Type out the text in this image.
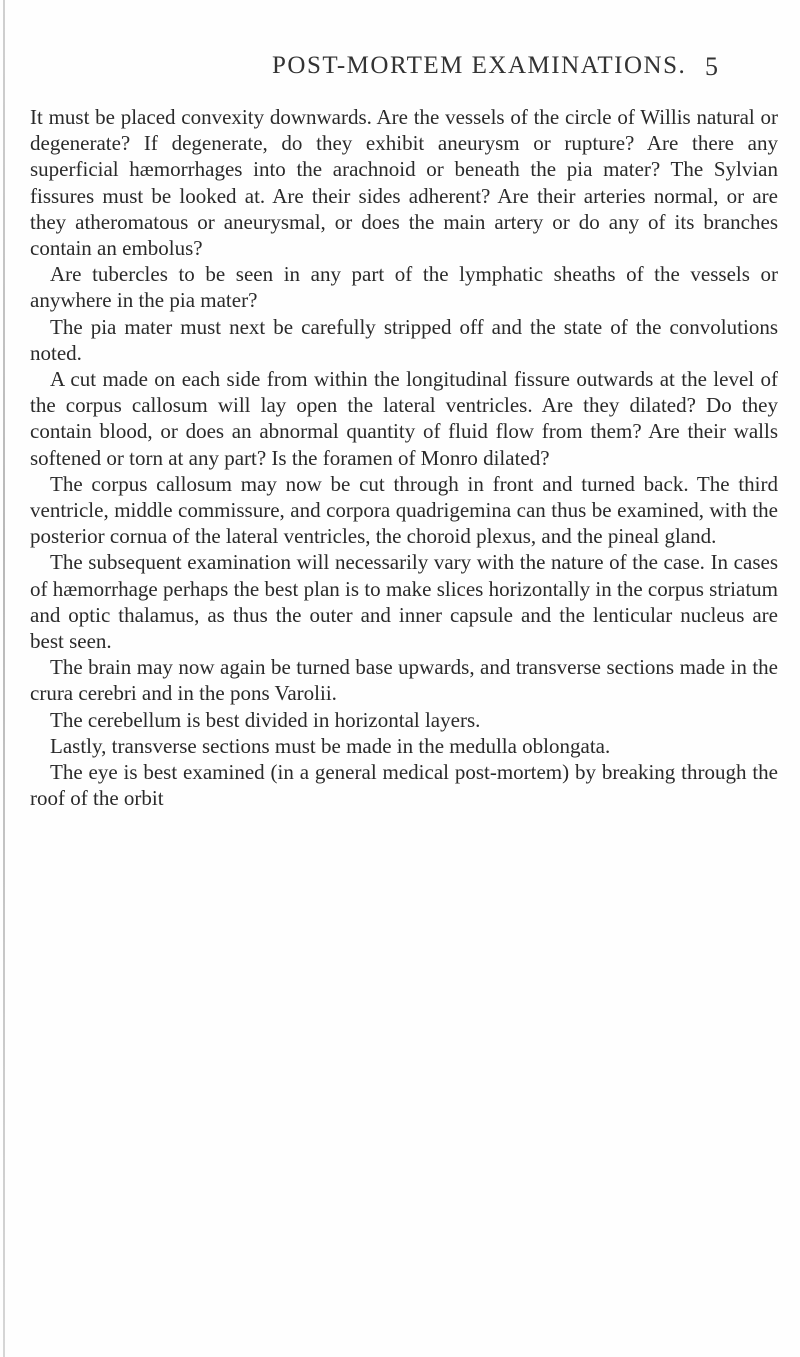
POST-MORTEM EXAMINATIONS. 5

It must be placed convexity downwards. Are the vessels of the circle of Willis natural or degenerate? If degenerate, do they exhibit aneurysm or rupture? Are there any superficial hæmorrhages into the arachnoid or beneath the pia mater? The Sylvian fissures must be looked at. Are their sides adherent? Are their arteries normal, or are they atheromatous or aneurysmal, or does the main artery or do any of its branches contain an embolus?

Are tubercles to be seen in any part of the lymphatic sheaths of the vessels or anywhere in the pia mater?

The pia mater must next be carefully stripped off and the state of the convolutions noted.

A cut made on each side from within the longitudinal fissure outwards at the level of the corpus callosum will lay open the lateral ventricles. Are they dilated? Do they contain blood, or does an abnormal quantity of fluid flow from them? Are their walls softened or torn at any part? Is the foramen of Monro dilated?

The corpus callosum may now be cut through in front and turned back. The third ventricle, middle commissure, and corpora quadrigemina can thus be examined, with the posterior cornua of the lateral ventricles, the choroid plexus, and the pineal gland.

The subsequent examination will necessarily vary with the nature of the case. In cases of hæmorrhage perhaps the best plan is to make slices horizontally in the corpus striatum and optic thalamus, as thus the outer and inner capsule and the lenticular nucleus are best seen.

The brain may now again be turned base upwards, and transverse sections made in the crura cerebri and in the pons Varolii.

The cerebellum is best divided in horizontal layers.

Lastly, transverse sections must be made in the medulla oblongata.

The eye is best examined (in a general medical post-mortem) by breaking through the roof of the orbit
